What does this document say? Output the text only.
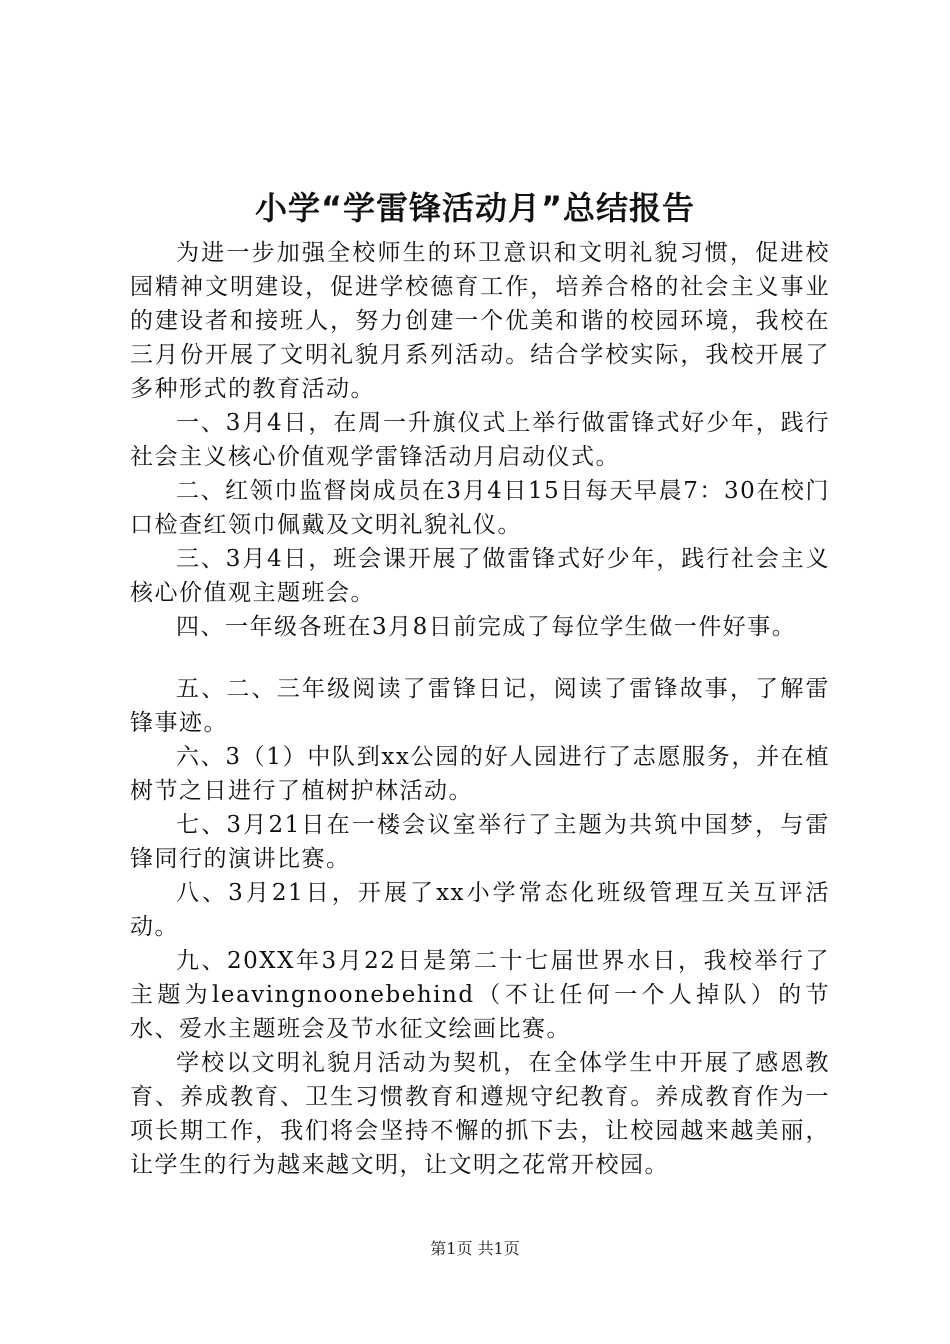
小学“学雷锋活动月”总结报告

为进一步加强全校师生的环卫意识和文明礼貌习惯，促进校园精神文明建设，促进学校德育工作，培养合格的社会主义事业的建设者和接班人，努力创建一个优美和谐的校园环境，我校在三月份开展了文明礼貌月系列活动。结合学校实际，我校开展了多种形式的教育活动。

一、3月4日，在周一升旗仪式上举行做雷锋式好少年，践行社会主义核心价值观学雷锋活动月启动仪式。

二、红领巾监督岗成员在3月4日15日每天早晨7：30在校门口检查红领巾佩戴及文明礼貌礼仪。

三、3月4日，班会课开展了做雷锋式好少年，践行社会主义核心价值观主题班会。

四、一年级各班在3月8日前完成了每位学生做一件好事。

五、二、三年级阅读了雷锋日记，阅读了雷锋故事，了解雷锋事迹。

六、3（1）中队到xx公园的好人园进行了志愿服务，并在植树节之日进行了植树护林活动。

七、3月21日在一楼会议室举行了主题为共筑中国梦，与雷锋同行的演讲比赛。

八、3月21日，开展了xx小学常态化班级管理互关互评活动。

九、20XX年3月22日是第二十七届世界水日，我校举行了主题为leavingnoonebehind（不让任何一个人掉队）的节水、爱水主题班会及节水征文绘画比赛。

学校以文明礼貌月活动为契机，在全体学生中开展了感恩教育、养成教育、卫生习惯教育和遵规守纪教育。养成教育作为一项长期工作，我们将会坚持不懈的抓下去，让校园越来越美丽，让学生的行为越来越文明，让文明之花常开校园。

第1页 共1页
